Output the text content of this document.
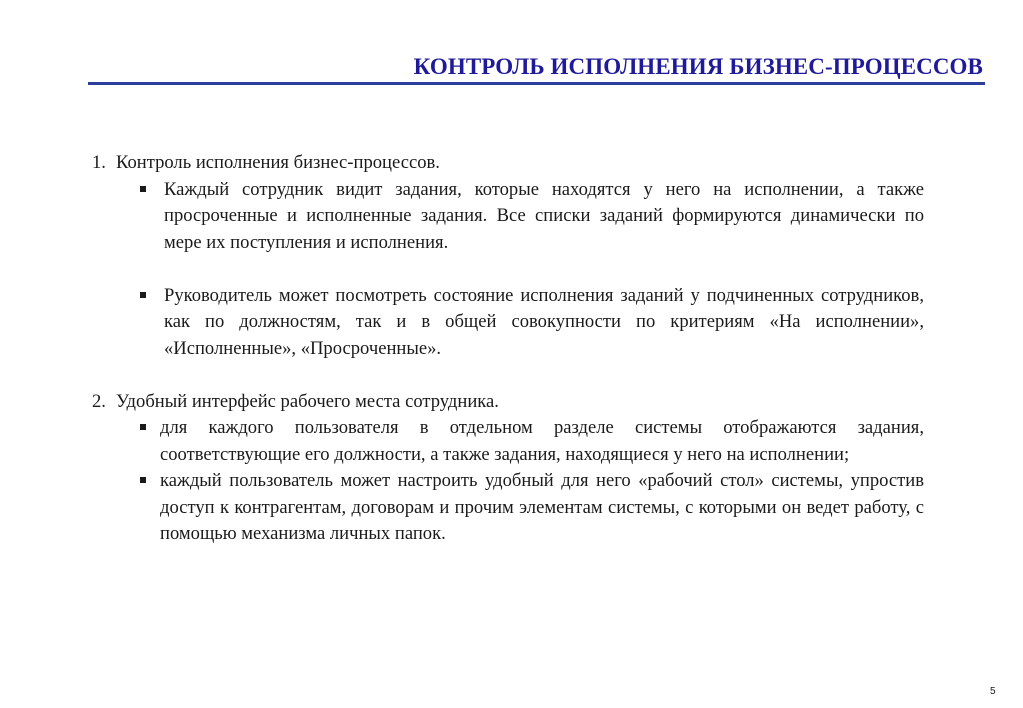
КОНТРОЛЬ ИСПОЛНЕНИЯ БИЗНЕС-ПРОЦЕССОВ
1. Контроль исполнения бизнес-процессов.
Каждый сотрудник видит задания, которые находятся у него на исполнении, а также просроченные и исполненные задания. Все списки заданий формируются динамически по мере их поступления и исполнения.
Руководитель может посмотреть состояние исполнения заданий у подчиненных сотрудников, как по должностям, так и в общей совокупности по критериям «На исполнении», «Исполненные», «Просроченные».
2. Удобный интерфейс рабочего места сотрудника.
для каждого пользователя в отдельном разделе системы отображаются задания, соответствующие его должности, а также задания, находящиеся у него на исполнении;
каждый пользователь может настроить удобный для него «рабочий стол» системы, упростив доступ к контрагентам, договорам и прочим элементам системы, с которыми он ведет работу, с помощью механизма личных папок.
5
